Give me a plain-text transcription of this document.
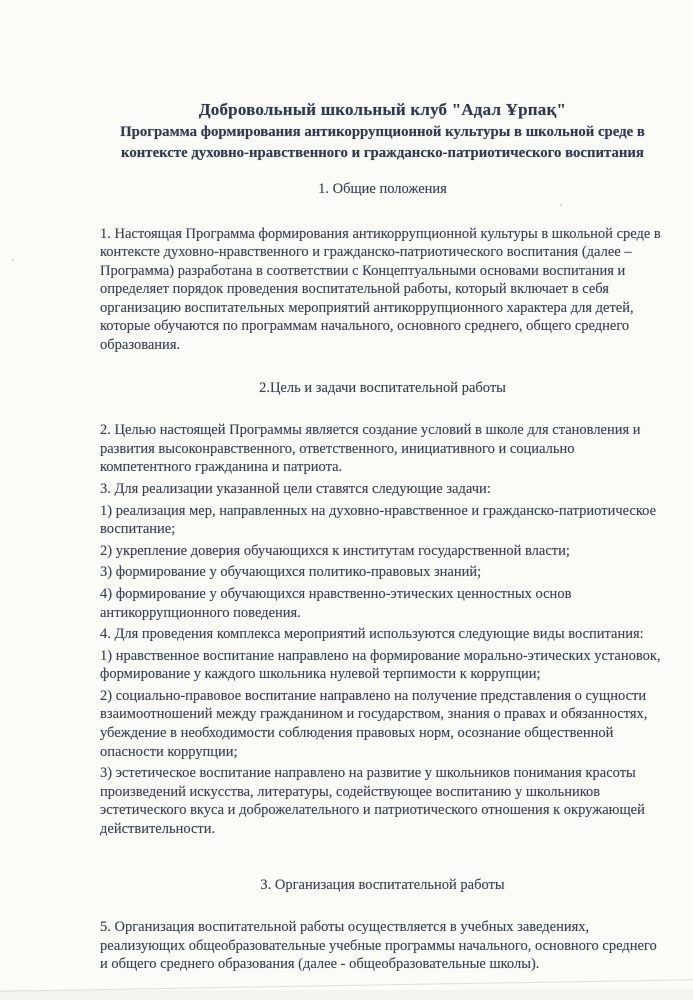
Добровольный школьный клуб "Адал Ұрпақ"
Программа формирования антикоррупционной культуры в школьной среде в
контексте духовно-нравственного и гражданско-патриотического воспитания
1. Общие положения

1. Настоящая Программа формирования антикоррупционной культуры в школьной среде в контексте духовно-нравственного и гражданско-патриотического воспитания (далее – Программа) разработана в соответствии с Концептуальными основами воспитания и определяет порядок проведения воспитательной работы, который включает в себя организацию воспитательных мероприятий антикоррупционного характера для детей, которые обучаются по программам начального, основного среднего, общего среднего образования.

2.Цель и задачи воспитательной работы

2. Целью настоящей Программы является создание условий в школе для становления и развития высоконравственного, ответственного, инициативного и социально компетентного гражданина и патриота.

3. Для реализации указанной цели ставятся следующие задачи:

1) реализация мер, направленных на духовно-нравственное и гражданско-патриотическое воспитание;

2) укрепление доверия обучающихся к институтам государственной власти;

3) формирование у обучающихся политико-правовых знаний;

4) формирование у обучающихся нравственно-этических ценностных основ антикоррупционного поведения.

4. Для проведения комплекса мероприятий используются следующие виды воспитания:

1) нравственное воспитание направлено на формирование морально-этических установок, формирование у каждого школьника нулевой терпимости к коррупции;

2) социально-правовое воспитание направлено на получение представления о сущности взаимоотношений между гражданином и государством, знания о правах и обязанностях, убеждение в необходимости соблюдения правовых норм, осознание общественной опасности коррупции;

3) эстетическое воспитание направлено на развитие у школьников понимания красоты произведений искусства, литературы, содействующее воспитанию у школьников эстетического вкуса и доброжелательного и патриотического отношения к окружающей действительности.

3. Организация воспитательной работы

5. Организация воспитательной работы осуществляется в учебных заведениях, реализующих общеобразовательные учебные программы начального, основного среднего и общего среднего образования (далее - общеобразовательные школы).
